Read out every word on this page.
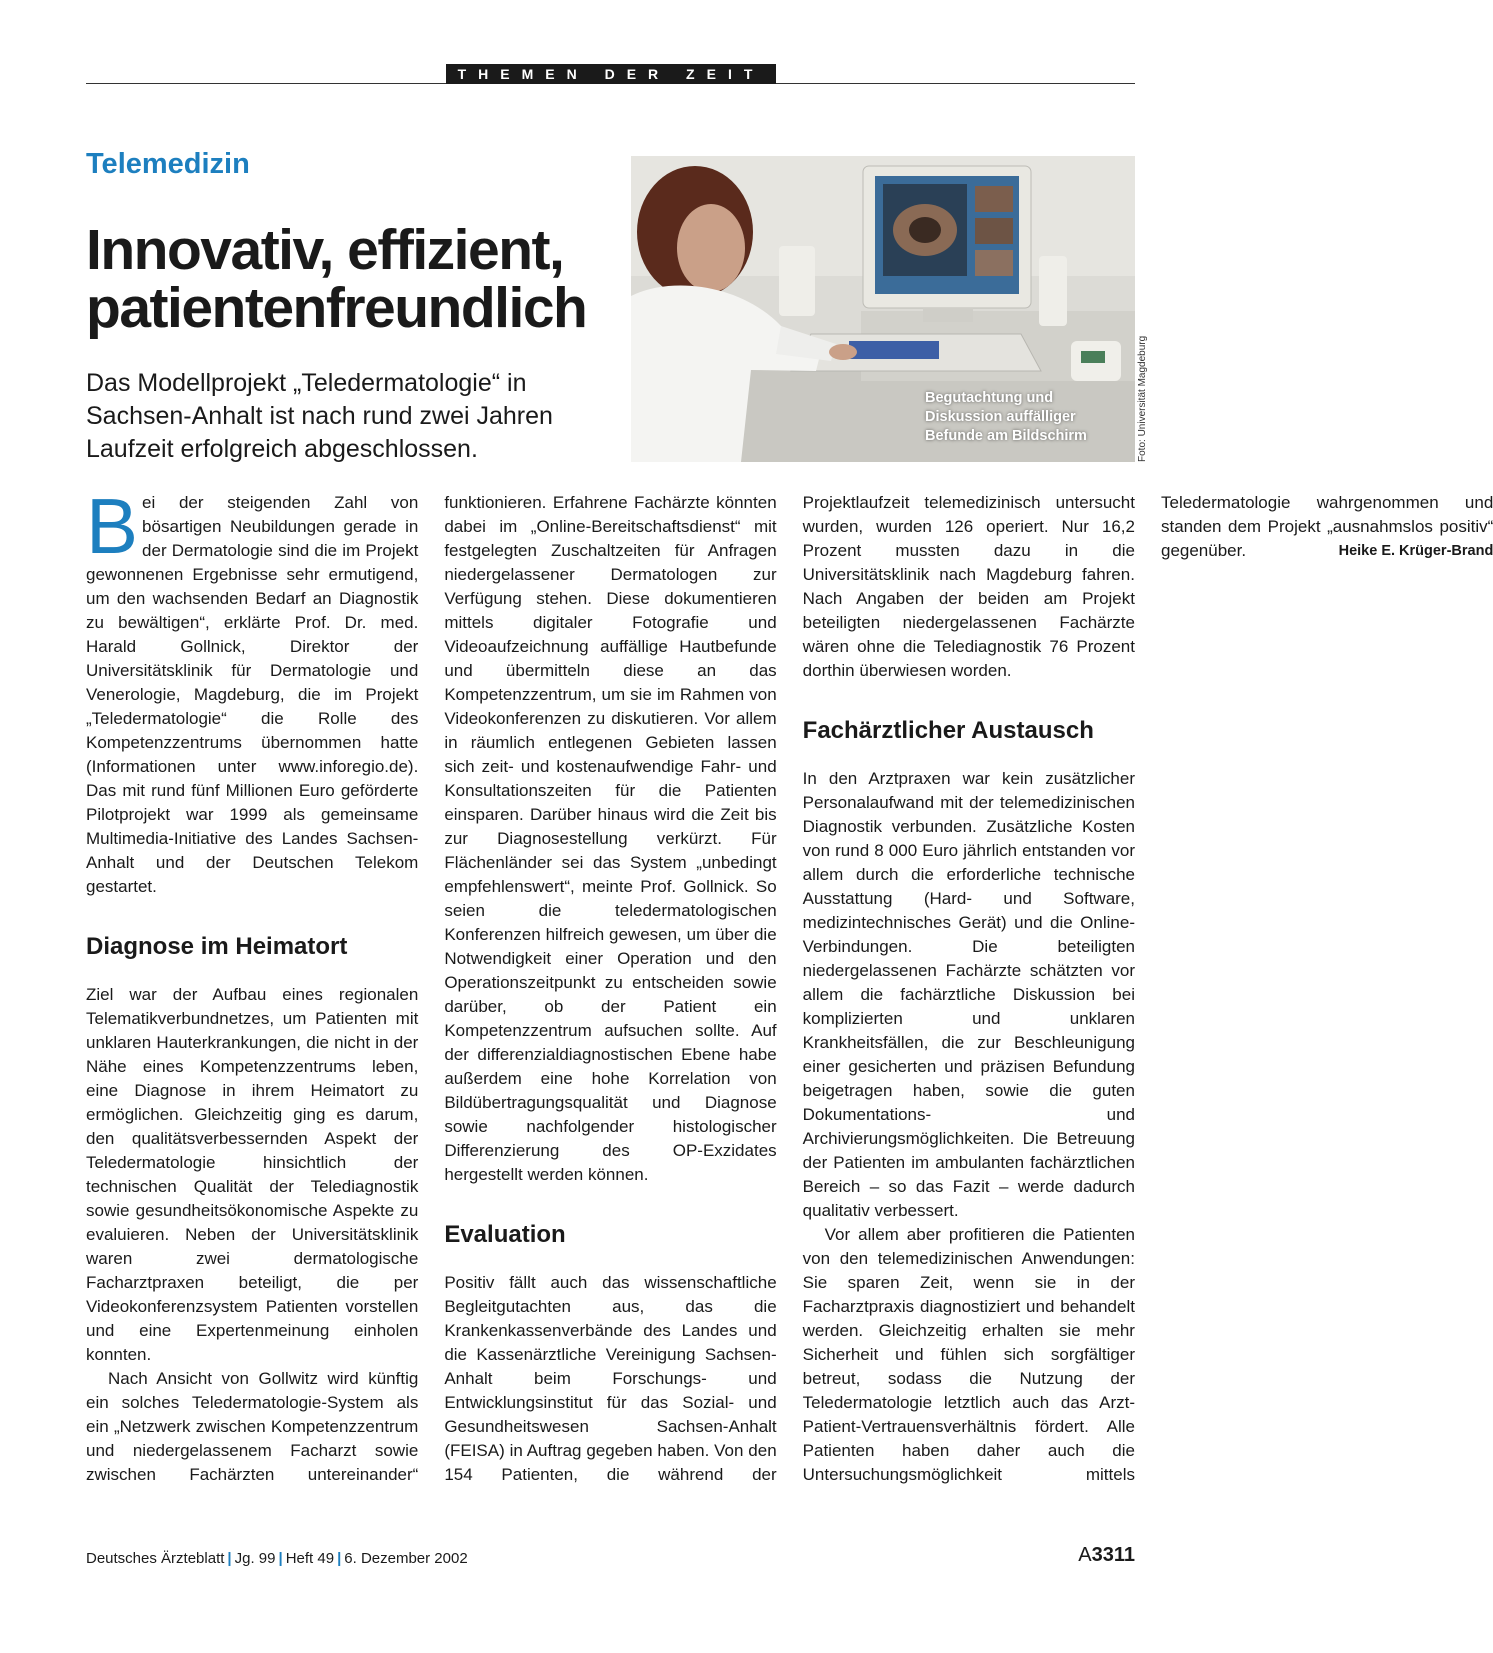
THEMEN DER ZEIT
Telemedizin
Innovativ, effizient, patientenfreundlich
Das Modellprojekt „Teledermatologie“ in Sachsen-Anhalt ist nach rund zwei Jahren Laufzeit erfolgreich abgeschlossen.
Begutachtung und Diskussion auffälliger Befunde am Bildschirm	Foto: Universität Magdeburg
Deutsches Ärzteblatt | Jg. 99 | Heft 49 | 6. Dezember 2002	A3311

Bei der steigenden Zahl von bösartigen Neubildungen gerade in der Dermatologie sind die im Projekt gewonnenen Ergebnisse sehr ermutigend, um den wachsenden Bedarf an Diagnostik zu bewältigen“, erklärte Prof. Dr. med. Harald Gollnick, Direktor der Universitätsklinik für Dermatologie und Venerologie, Magdeburg, die im Projekt „Teledermatologie“ die Rolle des Kompetenzzentrums übernommen hatte (Informationen unter www.inforegio.de). Das mit rund fünf Millionen Euro geförderte Pilotprojekt war 1999 als gemeinsame Multimedia-Initiative des Landes Sachsen-Anhalt und der Deutschen Telekom gestartet.

Diagnose im Heimatort

Ziel war der Aufbau eines regionalen Telematikverbundnetzes, um Patienten mit unklaren Hauterkrankungen, die nicht in der Nähe eines Kompetenzzentrums leben, eine Diagnose in ihrem Heimatort zu ermöglichen. Gleichzeitig ging es darum, den qualitätsverbessernden Aspekt der Teledermatologie hinsichtlich der technischen Qualität der Telediagnostik sowie gesundheitsökonomische Aspekte zu evaluieren. Neben der Universitätsklinik waren zwei dermatologische Facharztpraxen beteiligt, die per Videokonferenzsystem Patienten vorstellen und eine Expertenmeinung einholen konnten.

Nach Ansicht von Gollwitz wird künftig ein solches Teledermatologie-System als ein „Netzwerk zwischen Kompetenzzentrum und niedergelassenem Facharzt sowie zwischen Fachärzten untereinander“ funktionieren. Erfahrene Fachärzte könnten dabei im „Online-Bereitschaftsdienst“ mit festgelegten Zuschaltzeiten für Anfragen niedergelassener Dermatologen zur Verfügung stehen. Diese dokumentieren mittels digitaler Fotografie und Videoaufzeichnung auffällige Hautbefunde und übermitteln diese an das Kompetenzzentrum, um sie im Rahmen von Videokonferenzen zu diskutieren. Vor allem in räumlich entlegenen Gebieten lassen sich zeit- und kostenaufwendige Fahr- und Konsultationszeiten für die Patienten einsparen. Darüber hinaus wird die Zeit bis zur Diagnosestellung verkürzt. Für Flächenländer sei das System „unbedingt empfehlenswert“, meinte Prof. Gollnick. So seien die teledermatologischen Konferenzen hilfreich gewesen, um über die Notwendigkeit einer Operation und den Operationszeitpunkt zu entscheiden sowie darüber, ob der Patient ein Kompetenzzentrum aufsuchen sollte. Auf der differenzialdiagnostischen Ebene habe außerdem eine hohe Korrelation von Bildübertragungsqualität und Diagnose sowie nachfolgender histologischer Differenzierung des OP-Exzidates hergestellt werden können.

Evaluation

Positiv fällt auch das wissenschaftliche Begleitgutachten aus, das die Krankenkassenverbände des Landes und die Kassenärztliche Vereinigung Sachsen-Anhalt beim Forschungs- und Entwicklungsinstitut für das Sozial- und Gesundheitswesen Sachsen-Anhalt (FEISA) in Auftrag gegeben haben. Von den 154 Patienten, die während der Projektlaufzeit telemedizinisch untersucht wurden, wurden 126 operiert. Nur 16,2 Prozent mussten dazu in die Universitätsklinik nach Magdeburg fahren. Nach Angaben der beiden am Projekt beteiligten niedergelassenen Fachärzte wären ohne die Telediagnostik 76 Prozent dorthin überwiesen worden.

Fachärztlicher Austausch

In den Arztpraxen war kein zusätzlicher Personalaufwand mit der telemedizinischen Diagnostik verbunden. Zusätzliche Kosten von rund 8 000 Euro jährlich entstanden vor allem durch die erforderliche technische Ausstattung (Hard- und Software, medizintechnisches Gerät) und die Online-Verbindungen. Die beteiligten niedergelassenen Fachärzte schätzten vor allem die fachärztliche Diskussion bei komplizierten und unklaren Krankheitsfällen, die zur Beschleunigung einer gesicherten und präzisen Befundung beigetragen haben, sowie die guten Dokumentations- und Archivierungsmöglichkeiten. Die Betreuung der Patienten im ambulanten fachärztlichen Bereich – so das Fazit – werde dadurch qualitativ verbessert.

Vor allem aber profitieren die Patienten von den telemedizinischen Anwendungen: Sie sparen Zeit, wenn sie in der Facharztpraxis diagnostiziert und behandelt werden. Gleichzeitig erhalten sie mehr Sicherheit und fühlen sich sorgfältiger betreut, sodass die Nutzung der Teledermatologie letztlich auch das Arzt-Patient-Vertrauensverhältnis fördert. Alle Patienten haben daher auch die Untersuchungsmöglichkeit mittels Teledermatologie wahrgenommen und standen dem Projekt „ausnahmslos positiv“ gegenüber.	Heike E. Krüger-Brand
